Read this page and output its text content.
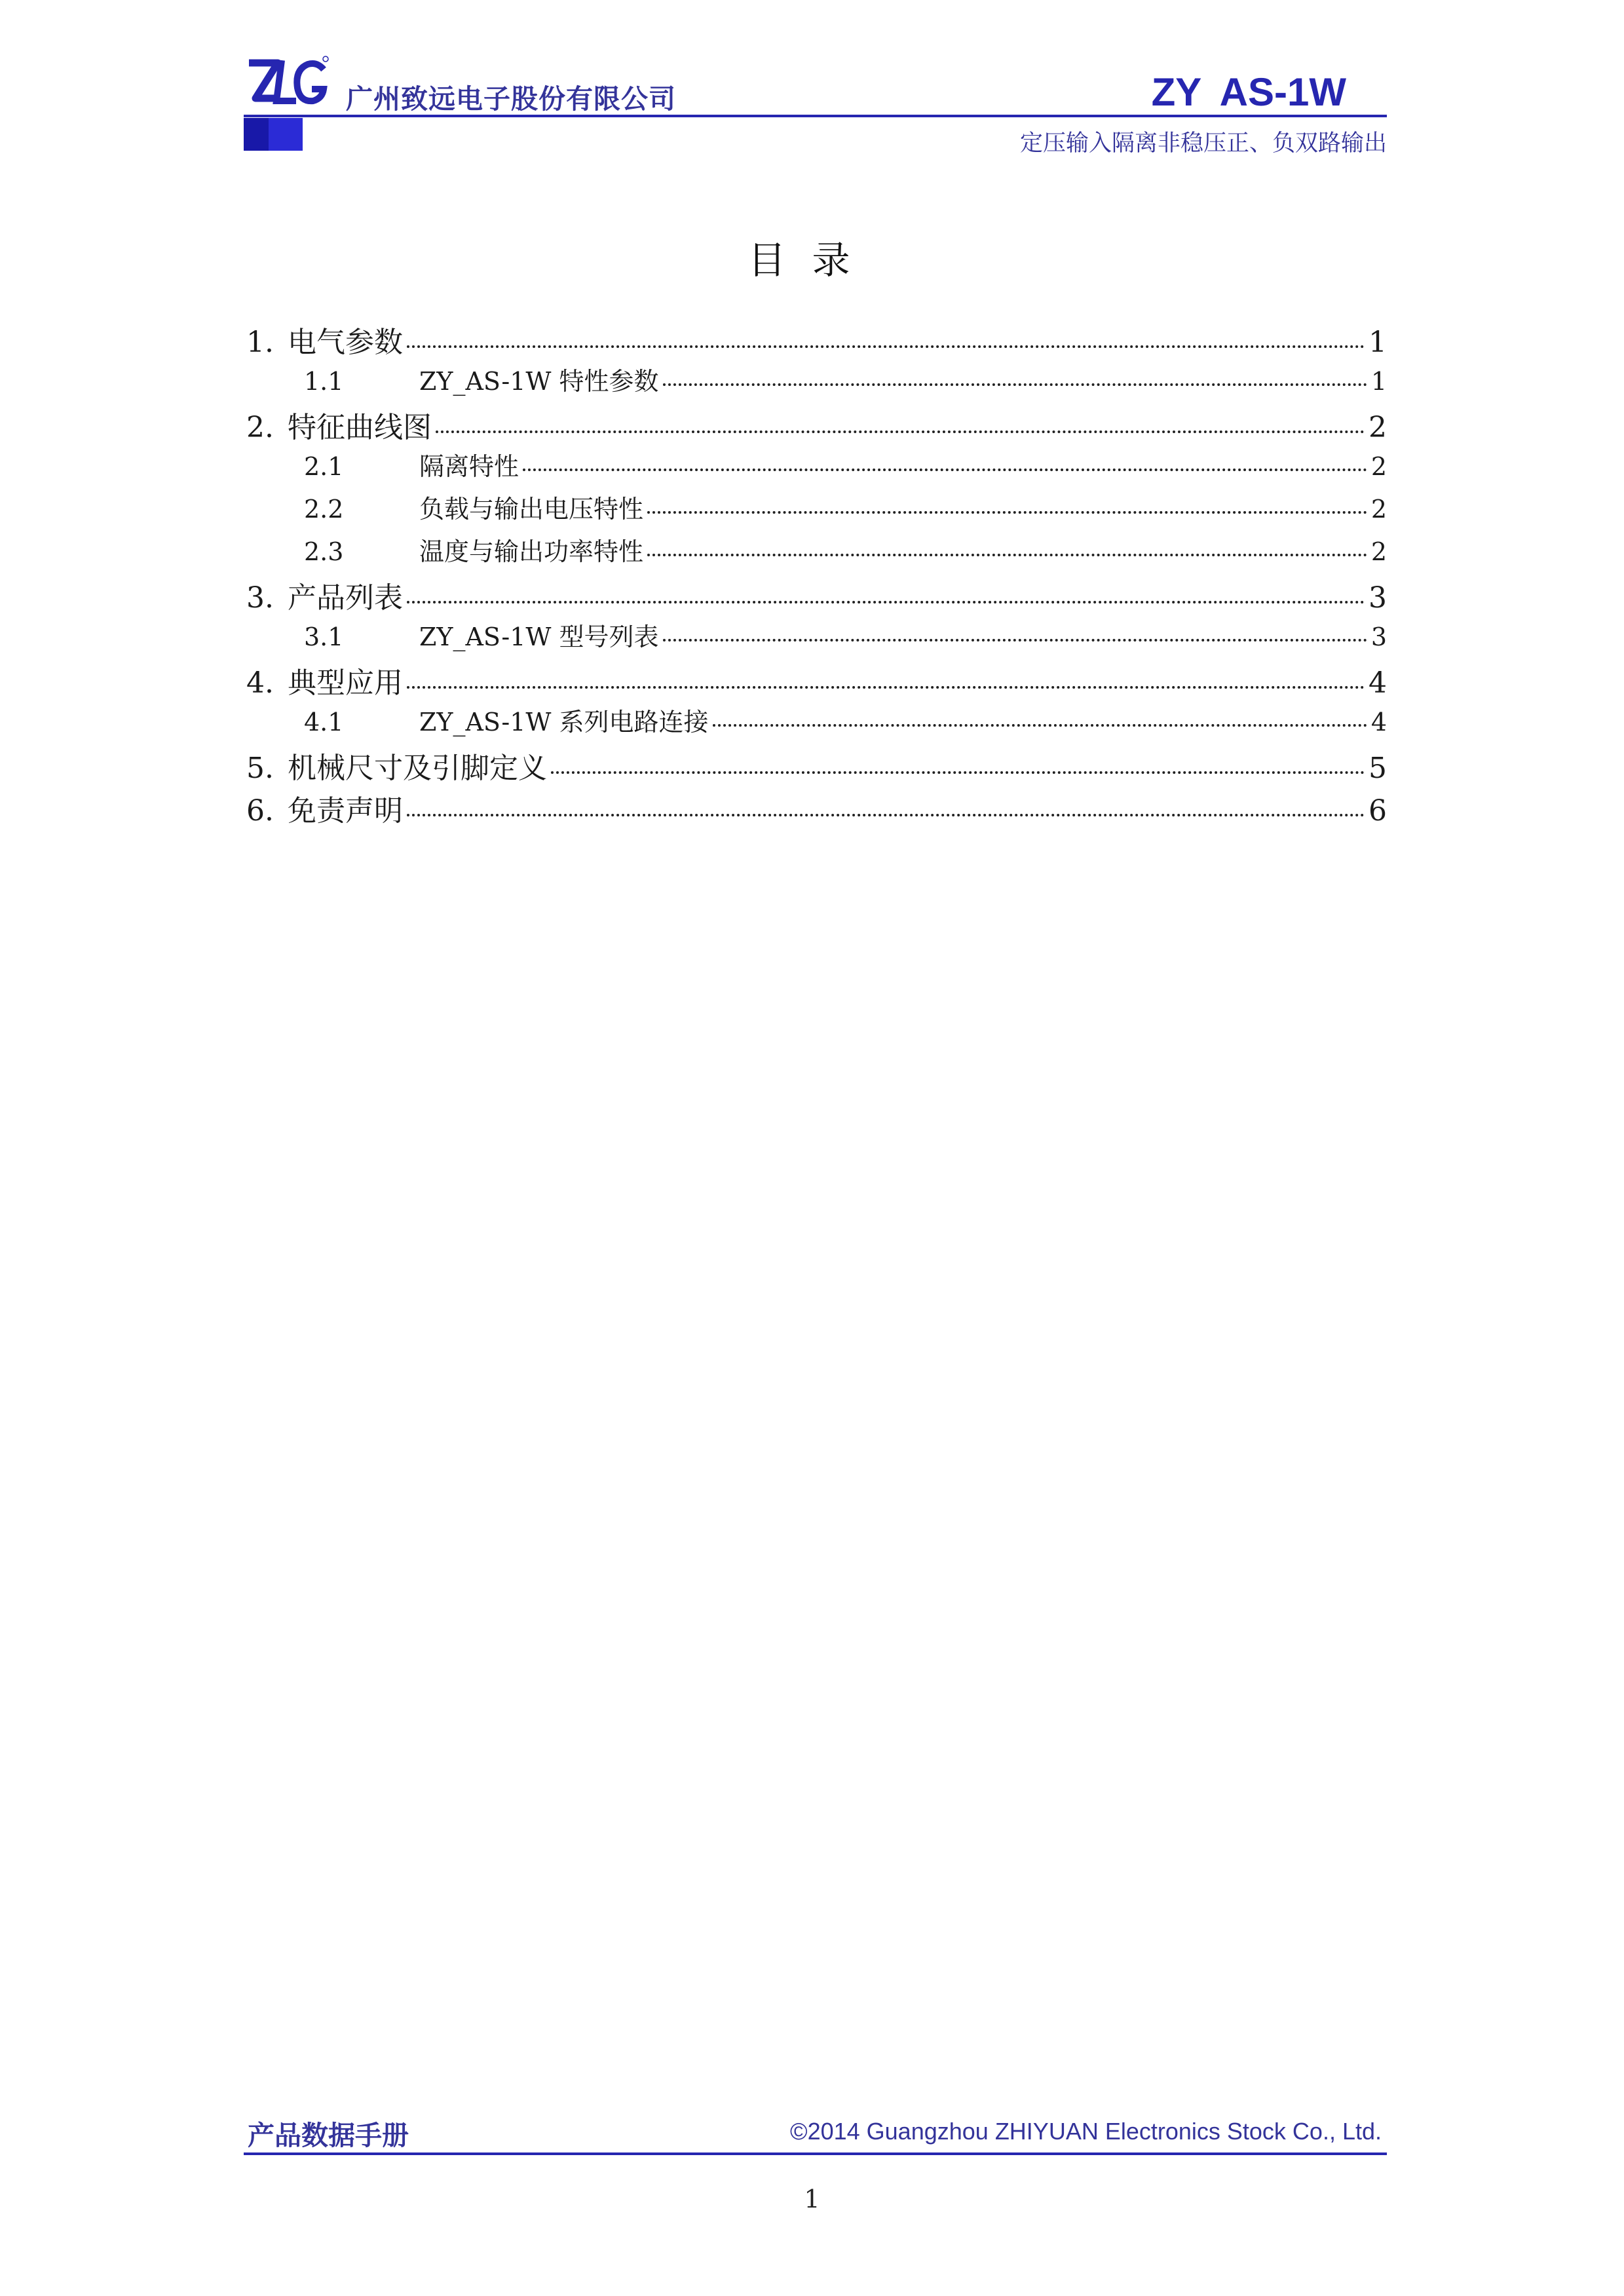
广州致远电子股份有限公司	ZY AS-1W
定压输入隔离非稳压正、负双路输出
目录
1. 电气参数	1
1.1	ZY_AS-1W 特性参数	1
2. 特征曲线图	2
2.1	隔离特性	2
2.2	负载与输出电压特性	2
2.3	温度与输出功率特性	2
3. 产品列表	3
3.1	ZY_AS-1W 型号列表	3
4. 典型应用	4
4.1	ZY_AS-1W 系列电路连接	4
5. 机械尺寸及引脚定义	5
6. 免责声明	6
产品数据手册	©2014 Guangzhou ZHIYUAN Electronics Stock Co., Ltd.
1
